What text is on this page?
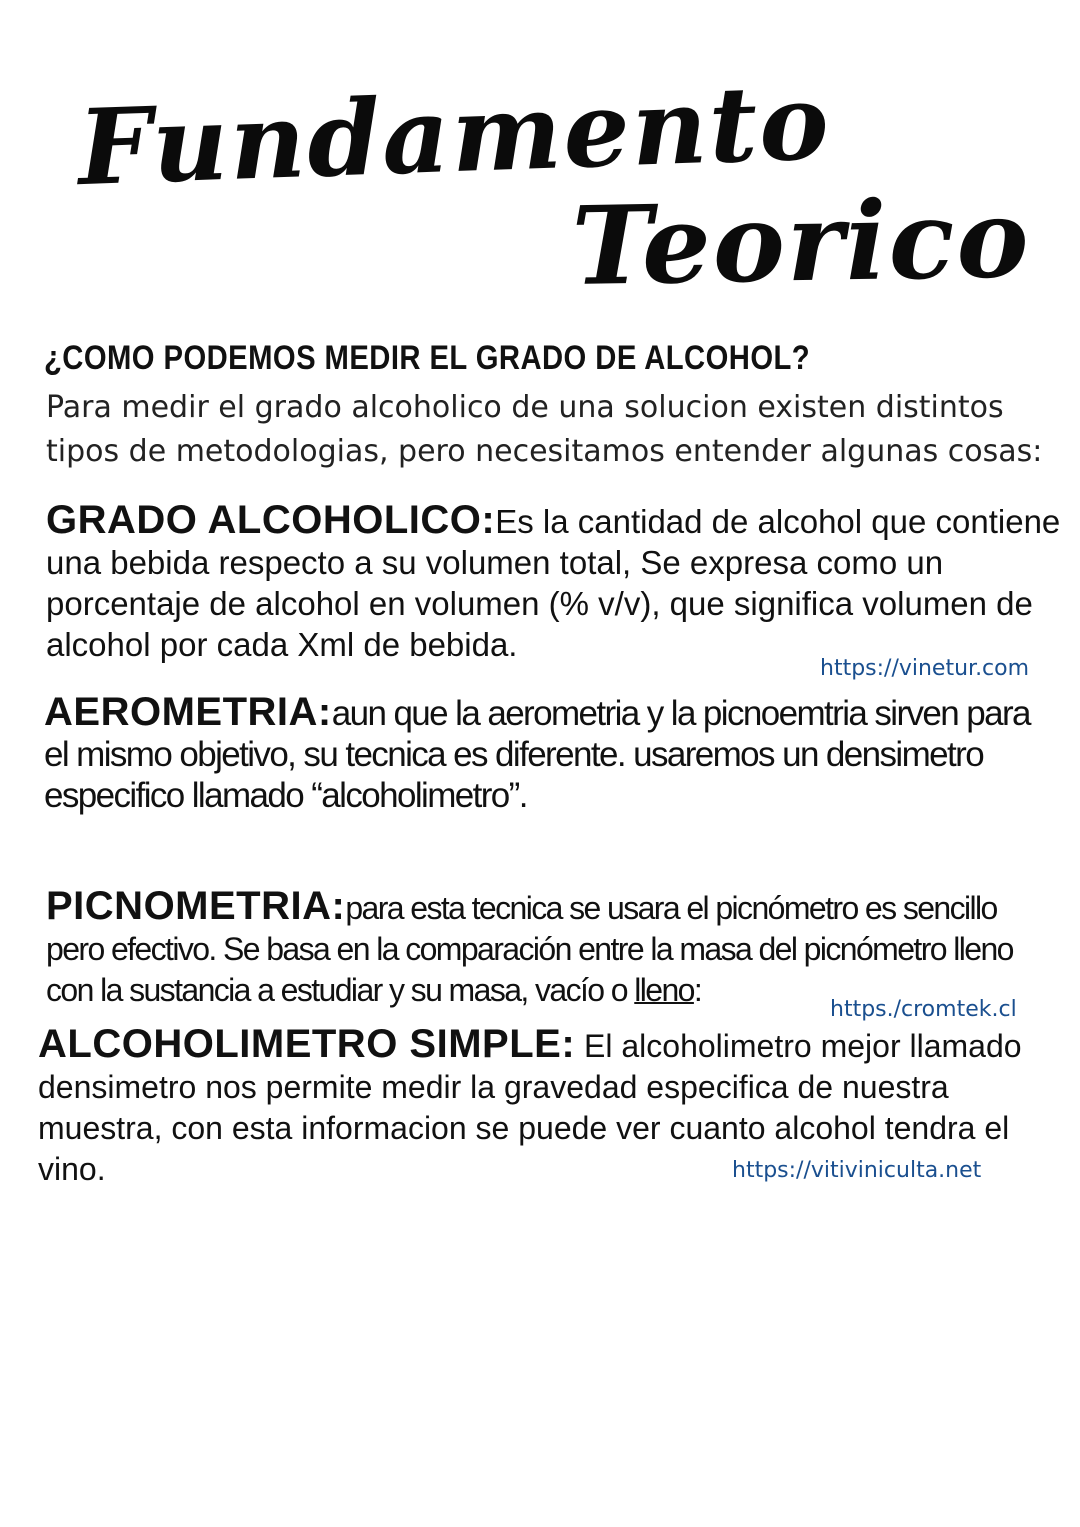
Fundamento
Teorico
¿COMO PODEMOS MEDIR EL GRADO DE ALCOHOL?
Para medir el grado alcoholico de una solucion existen distintos tipos de metodologias, pero necesitamos entender algunas cosas:
GRADO ALCOHOLICO:Es la cantidad de alcohol que contiene una bebida respecto a su volumen total, Se expresa como un porcentaje de alcohol en volumen (% v/v), que significa volumen de alcohol por cada Xml de bebida.
https://vinetur.com
AEROMETRIA:aun que la aerometria y la picnoemtria sirven para el mismo objetivo, su tecnica es diferente. usaremos un densimetro especifico llamado “alcoholimetro”.
PICNOMETRIA:para esta tecnica se usara el picnómetro es sencillo pero efectivo. Se basa en la comparación entre la masa del picnómetro lleno con la sustancia a estudiar y su masa, vacío o lleno:
https./cromtek.cl
ALCOHOLIMETRO SIMPLE: El alcoholimetro mejor llamado densimetro nos permite medir la gravedad especifica de nuestra muestra, con esta informacion se puede ver cuanto alcohol tendra el vino.	https://vitiviniculta.net
